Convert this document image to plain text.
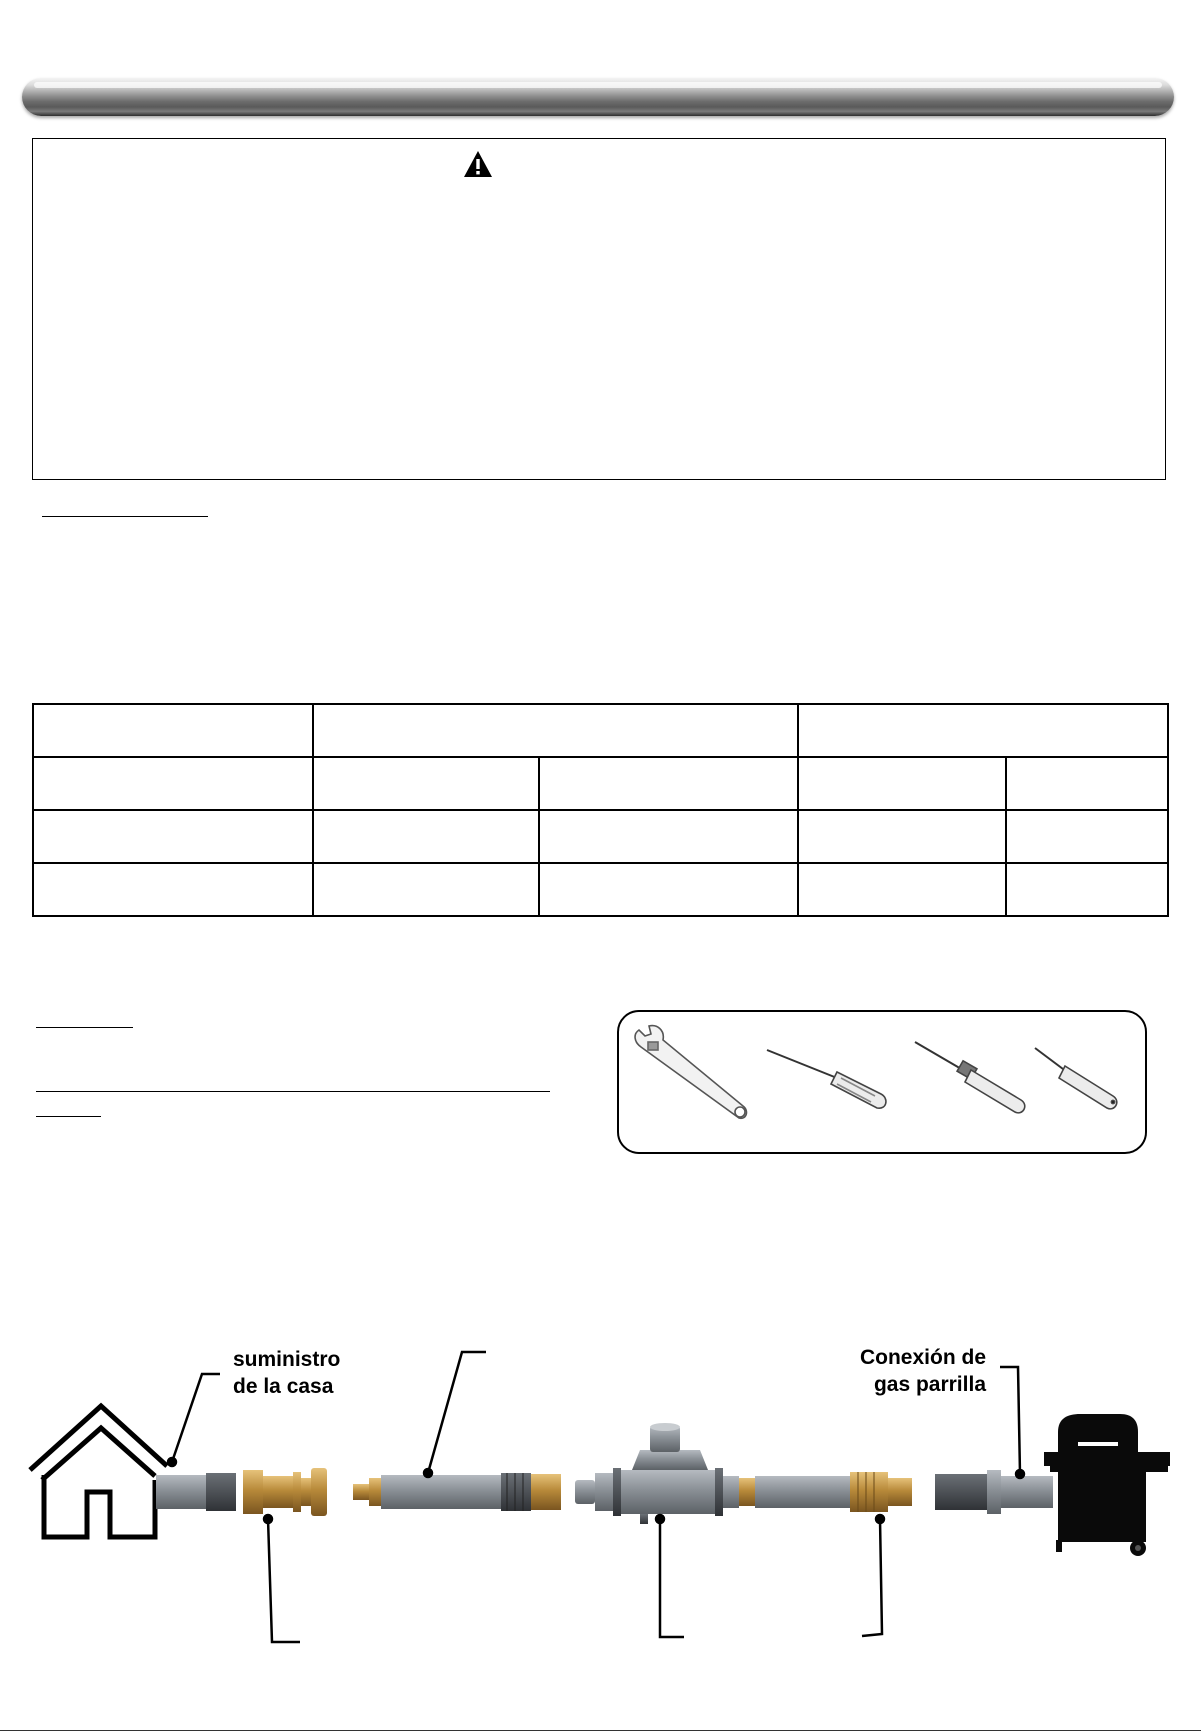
suministro
de la casa
Conexión de
gas parrilla
